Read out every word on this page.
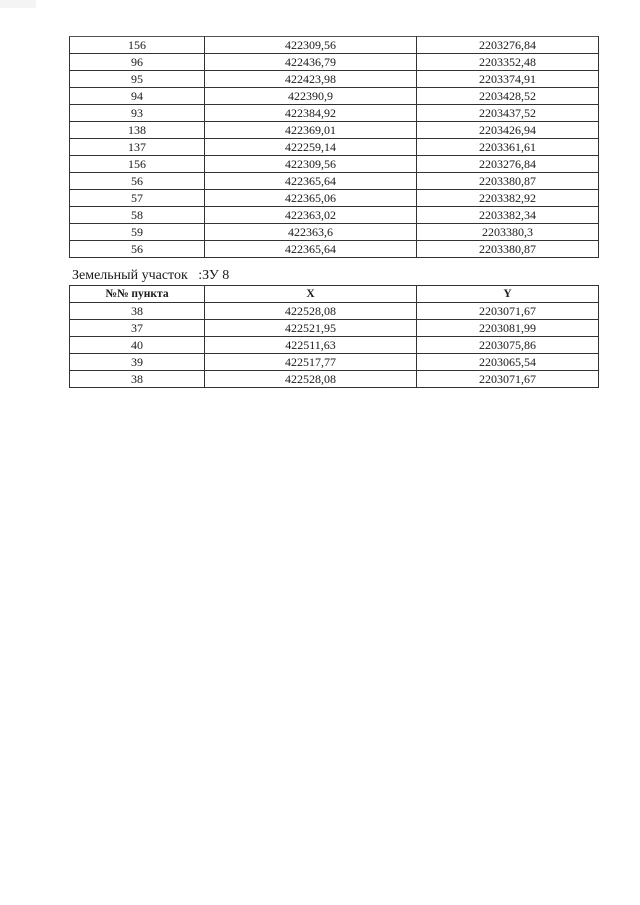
156	422309,56	2203276,84
96	422436,79	2203352,48
95	422423,98	2203374,91
94	422390,9	2203428,52
93	422384,92	2203437,52
138	422369,01	2203426,94
137	422259,14	2203361,61
156	422309,56	2203276,84
56	422365,64	2203380,87
57	422365,06	2203382,92
58	422363,02	2203382,34
59	422363,6	2203380,3
56	422365,64	2203380,87
Земельный участок   :ЗУ 8
№№ пункта	X	Y
38	422528,08	2203071,67
37	422521,95	2203081,99
40	422511,63	2203075,86
39	422517,77	2203065,54
38	422528,08	2203071,67
